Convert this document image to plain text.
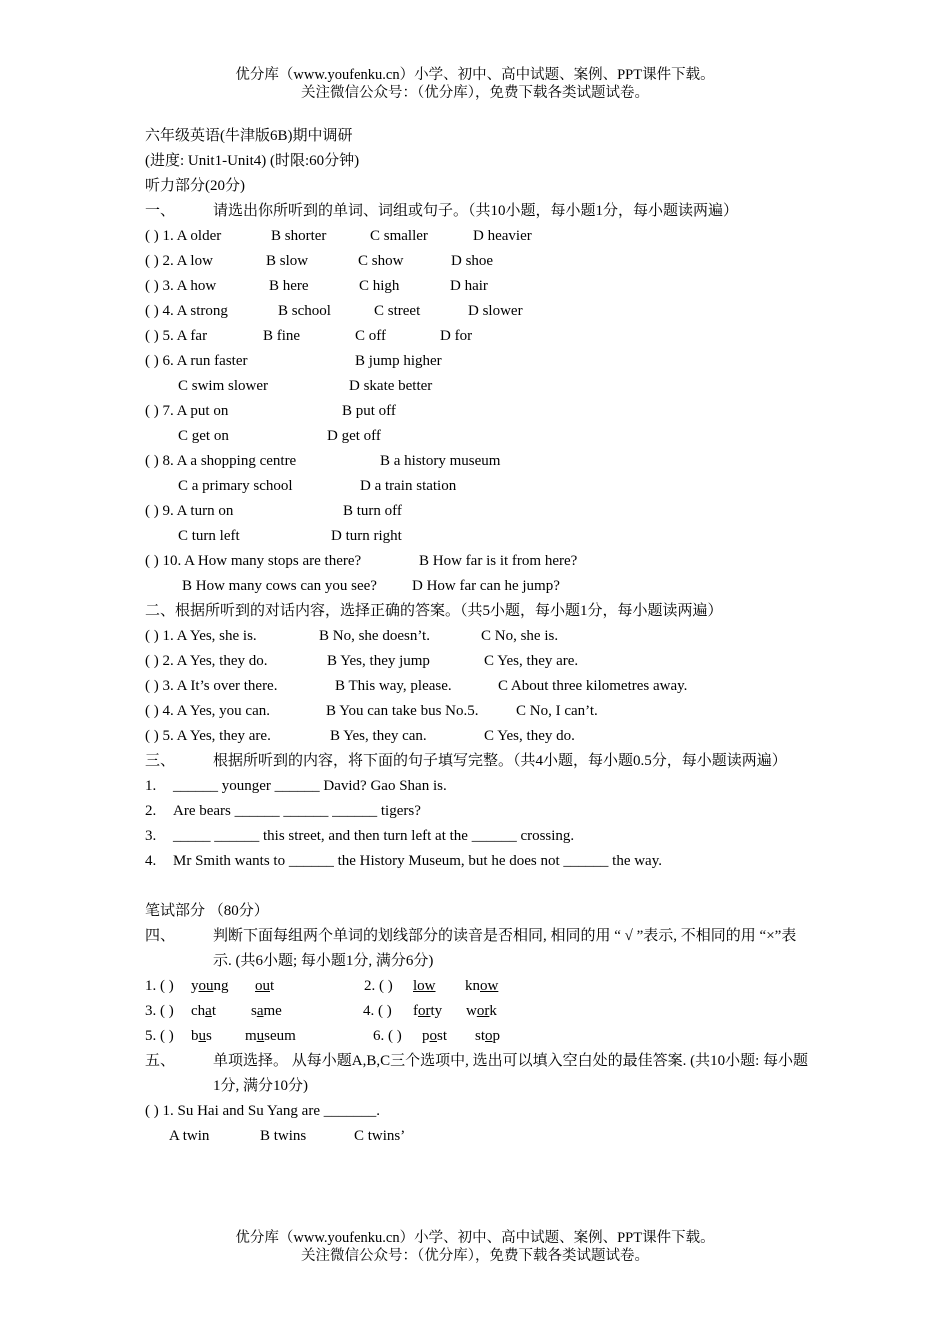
优分库（www.youfenku.cn）小学、初中、高中试题、案例、PPT课件下载。
关注微信公众号：（优分库），免费下载各类试题试卷。
六年级英语(牛津版6B)期中调研
(进度: Unit1-Unit4) (时限:60分钟)
听力部分(20分)
一、	请选出你所听到的单词、词组或句子。（共10小题，每小题1分，每小题读两遍）
( ) 1. A older	B shorter	C smaller	D heavier
( ) 2. A low	B slow	C show	D shoe
( ) 3. A how	B here	C high	D hair
( ) 4. A strong	B school	C street	D slower
( ) 5. A far	B fine	C off	D for
( ) 6. A run faster	B jump higher
C swim slower	D skate better
( ) 7. A put on	B put off
C get on	D get off
( ) 8. A a shopping centre	B a history museum
C a primary school	D a train station
( ) 9. A turn on	B turn off
C turn left	D turn right
( ) 10. A How many stops are there?	B How far is it from here?
B How many cows can you see? D How far can he jump?
二、根据所听到的对话内容，选择正确的答案。（共5小题，每小题1分，每小题读两遍）
( ) 1. A Yes, she is.	B No, she doesn’t.	C No, she is.
( ) 2. A Yes, they do.	B Yes, they jump	C Yes, they are.
( ) 3. A It’s over there.	B This way, please.	C About three kilometres away.
( ) 4. A Yes, you can.	B You can take bus No.5.	C No, I can’t.
( ) 5. A Yes, they are.	B Yes, they can.	C Yes, they do.
三、	根据所听到的内容，将下面的句子填写完整。（共4小题，每小题0.5分，每小题读两遍）
1. ______ younger ______ David? Gao Shan is.
2. Are bears ______ ______ ______ tigers?
3. _____ ______ this street, and then turn left at the ______ crossing.
4. Mr Smith wants to ______ the History Museum, but he does not ______ the way.
笔试部分 （80分）
四、	判断下面每组两个单词的划线部分的读音是否相同, 相同的用 “ √ ”表示, 不相同的用 “×”表示. (共6小题; 每小题1分, 满分6分)
1. ( ) young out	2. ( ) low know
3. ( ) chat same	4. ( ) forty work
5. ( ) bus museum	6. ( ) post stop
五、	单项选择。 从每小题A,B,C三个选项中, 选出可以填入空白处的最佳答案. (共10小题: 每小题1分, 满分10分)
( ) 1. Su Hai and Su Yang are _______.
A twin	B twins	C twins’
优分库（www.youfenku.cn）小学、初中、高中试题、案例、PPT课件下载。
关注微信公众号：（优分库），免费下载各类试题试卷。
